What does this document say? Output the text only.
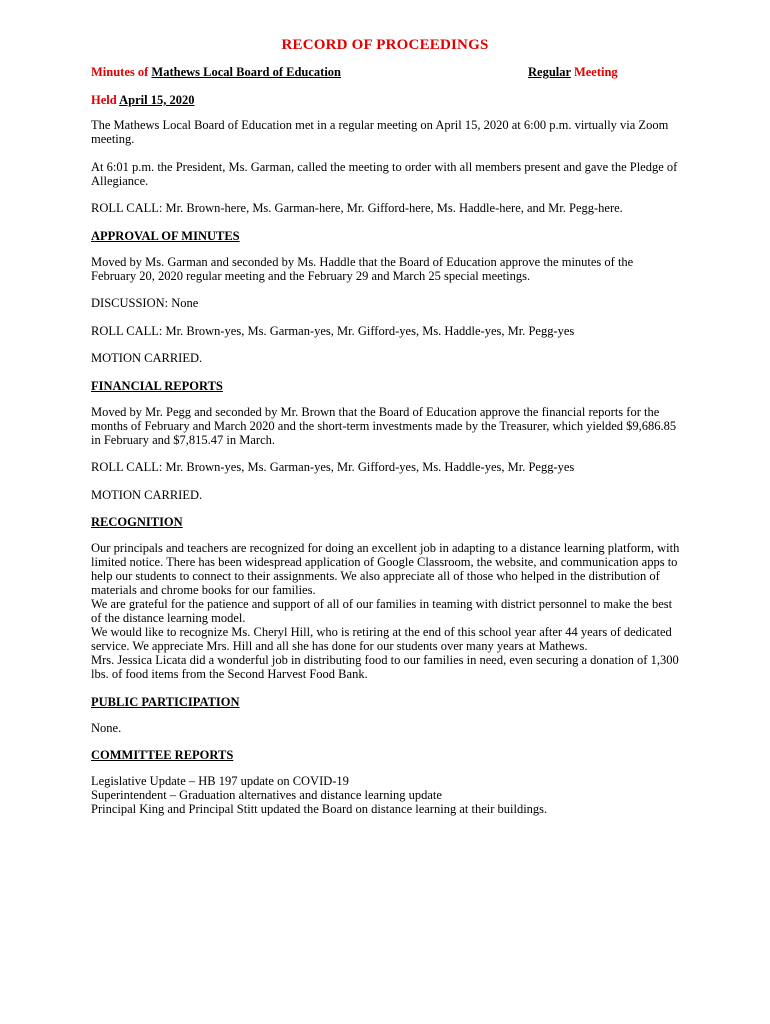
RECORD OF PROCEEDINGS
Minutes of Mathews Local Board of Education	Regular Meeting
Held April 15, 2020

The Mathews Local Board of Education met in a regular meeting on April 15, 2020 at 6:00 p.m. virtually via Zoom meeting.

At 6:01 p.m. the President, Ms. Garman, called the meeting to order with all members present and gave the Pledge of Allegiance.

ROLL CALL: Mr. Brown-here, Ms. Garman-here, Mr. Gifford-here, Ms. Haddle-here, and Mr. Pegg-here.

APPROVAL OF MINUTES

Moved by Ms. Garman and seconded by Ms. Haddle that the Board of Education approve the minutes of the February 20, 2020 regular meeting and the February 29 and March 25 special meetings.

DISCUSSION: None

ROLL CALL: Mr. Brown-yes, Ms. Garman-yes, Mr. Gifford-yes, Ms. Haddle-yes, Mr. Pegg-yes

MOTION CARRIED.

FINANCIAL REPORTS

Moved by Mr. Pegg and seconded by Mr. Brown that the Board of Education approve the financial reports for the months of February and March 2020 and the short-term investments made by the Treasurer, which yielded $9,686.85 in February and $7,815.47 in March.

ROLL CALL: Mr. Brown-yes, Ms. Garman-yes, Mr. Gifford-yes, Ms. Haddle-yes, Mr. Pegg-yes

MOTION CARRIED.

RECOGNITION

Our principals and teachers are recognized for doing an excellent job in adapting to a distance learning platform, with limited notice. There has been widespread application of Google Classroom, the website, and communication apps to help our students to connect to their assignments. We also appreciate all of those who helped in the distribution of materials and chrome books for our families.
We are grateful for the patience and support of all of our families in teaming with district personnel to make the best of the distance learning model.
We would like to recognize Ms. Cheryl Hill, who is retiring at the end of this school year after 44 years of dedicated service. We appreciate Mrs. Hill and all she has done for our students over many years at Mathews.
Mrs. Jessica Licata did a wonderful job in distributing food to our families in need, even securing a donation of 1,300 lbs. of food items from the Second Harvest Food Bank.

PUBLIC PARTICIPATION

None.

COMMITTEE REPORTS

Legislative Update – HB 197 update on COVID-19
Superintendent – Graduation alternatives and distance learning update
Principal King and Principal Stitt updated the Board on distance learning at their buildings.
